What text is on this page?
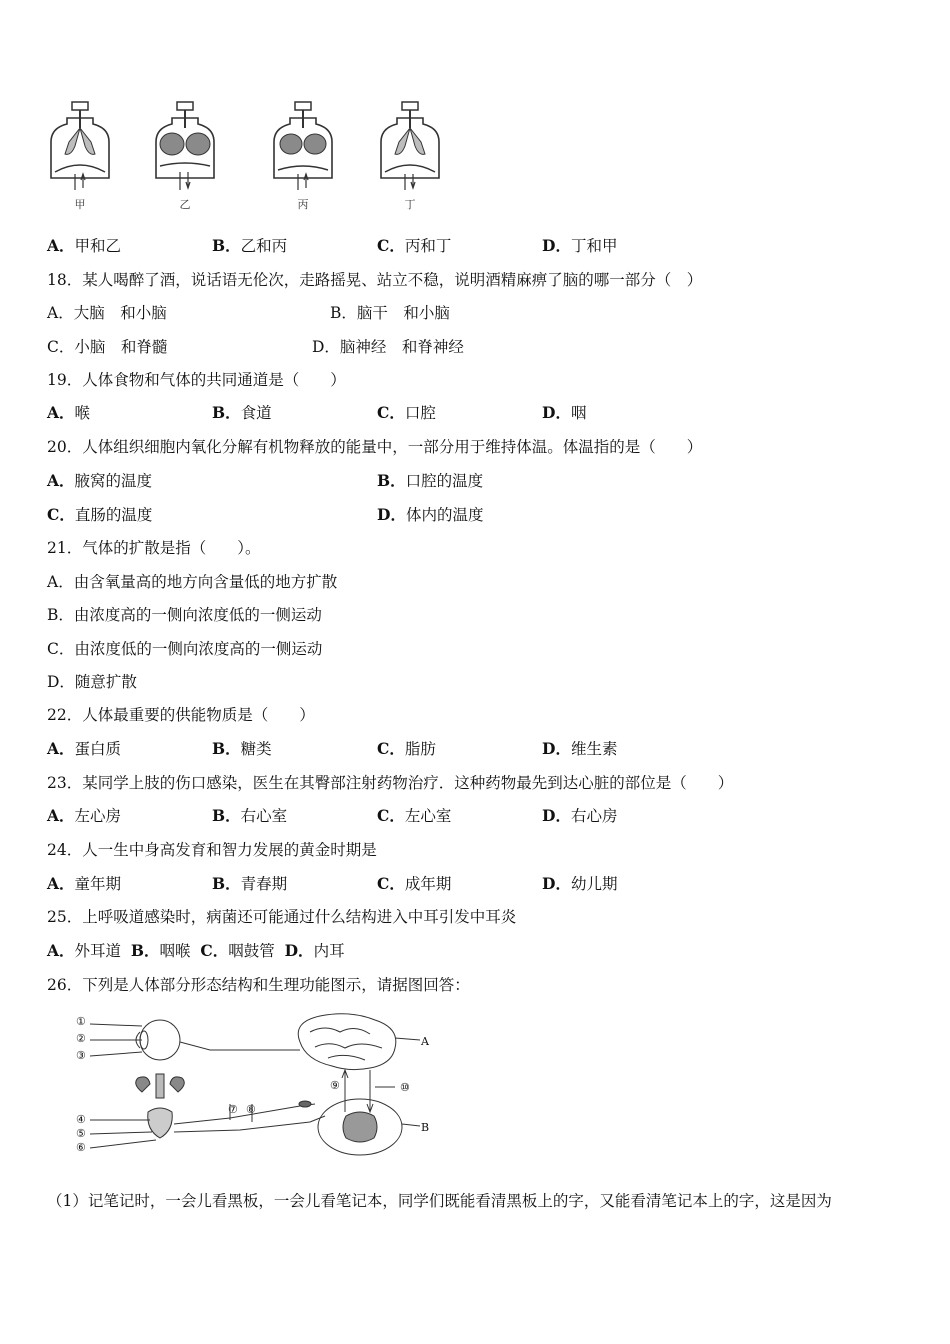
甲	乙	丙	丁
A．甲和乙	B．乙和丙	C．丙和丁	D．丁和甲
18．某人喝醉了酒，说话语无伦次，走路摇晃、站立不稳，说明酒精麻痹了脑的哪一部分（　）
A．大脑　和小脑	B．脑干　和小脑
C．小脑　和脊髓	D．脑神经　和脊神经
19．人体食物和气体的共同通道是（　　）
A．喉	B．食道	C．口腔	D．咽
20．人体组织细胞内氧化分解有机物释放的能量中，一部分用于维持体温。体温指的是（　　）
A．腋窝的温度	B．口腔的温度
C．直肠的温度	D．体内的温度
21．气体的扩散是指（　　）。
A．由含氧量高的地方向含量低的地方扩散
B．由浓度高的一侧向浓度低的一侧运动
C．由浓度低的一侧向浓度高的一侧运动
D．随意扩散
22．人体最重要的供能物质是（　　）
A．蛋白质	B．糖类	C．脂肪	D．维生素
23．某同学上肢的伤口感染，医生在其臀部注射药物治疗．这种药物最先到达心脏的部位是（　　）
A．左心房	B．右心室	C．左心室	D．右心房
24．人一生中身高发育和智力发展的黄金时期是
A．童年期	B．青春期	C．成年期	D．幼儿期
25．上呼吸道感染时，病菌还可能通过什么结构进入中耳引发中耳炎
A．外耳道 B．咽喉 C．咽鼓管 D．内耳
26．下列是人体部分形态结构和生理功能图示，请据图回答：
①
②
③
④
⑤
⑥
⑦ ⑧
⑨	⑩
A
B
（1）记笔记时，一会儿看黑板，一会儿看笔记本，同学们既能看清黑板上的字，又能看清笔记本上的字，这是因为
